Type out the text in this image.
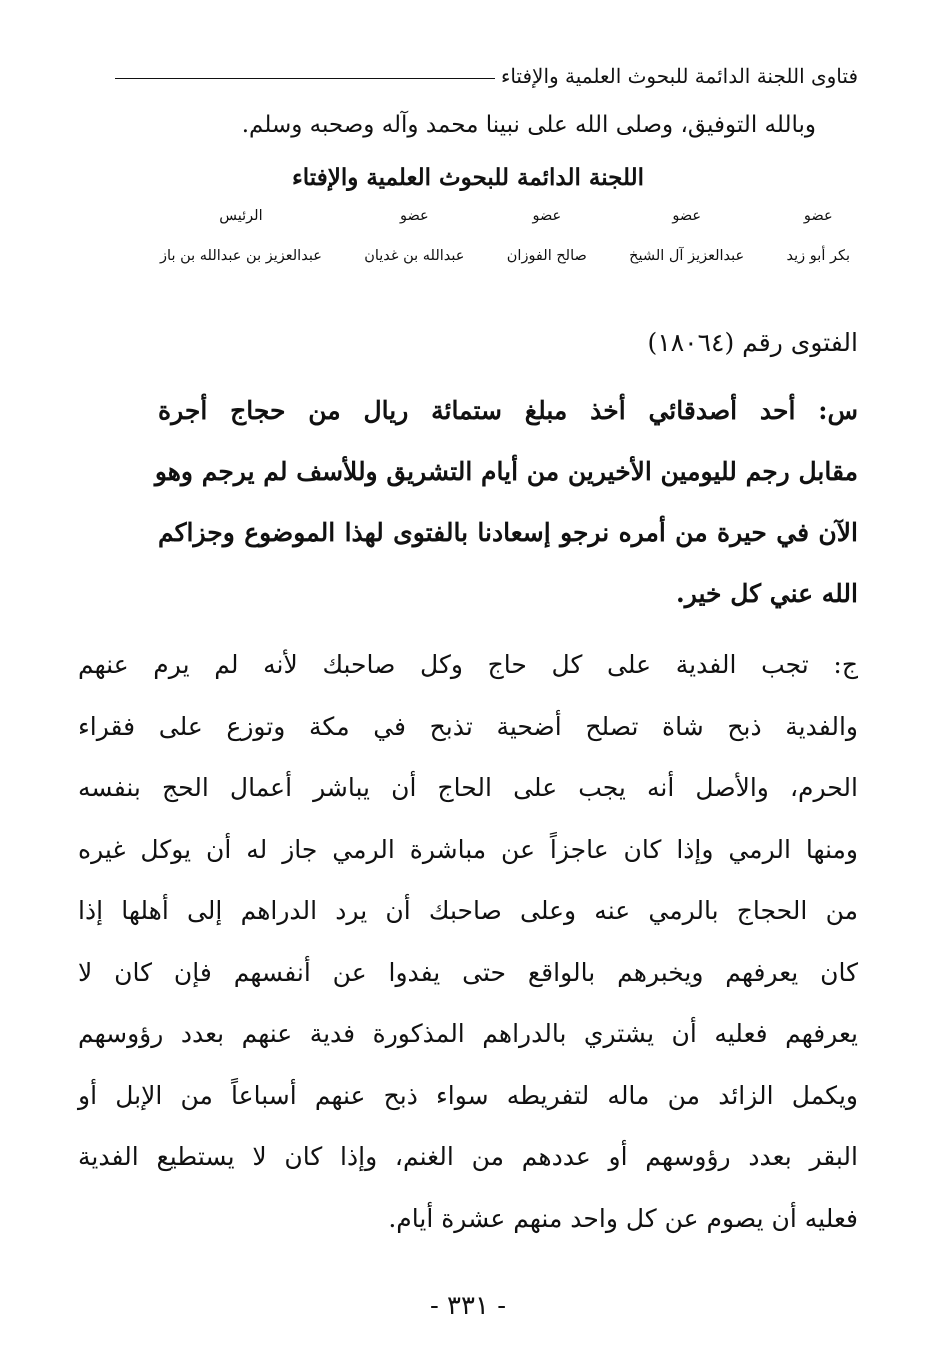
فتاوى اللجنة الدائمة للبحوث العلمية والإفتاء
وبالله التوفيق، وصلى الله على نبينا محمد وآله وصحبه وسلم.
اللجنة الدائمة للبحوث العلمية والإفتاء
عضو
بكر أبو زيد
عضو
عبدالعزيز آل الشيخ
عضو
صالح الفوزان
عضو
عبدالله بن غديان
الرئيس
عبدالعزيز بن عبدالله بن باز
الفتوى رقم (١٨٠٦٤)
س: أحد أصدقائي أخذ مبلغ ستمائة ريال من حجاج أجرة
مقابل رجم لليومين الأخيرين من أيام التشريق وللأسف لم يرجم وهو
الآن في حيرة من أمره نرجو إسعادنا بالفتوى لهذا الموضوع وجزاكم
الله عني كل خير.
ج: تجب الفدية على كل حاج وكل صاحبك لأنه لم يرم عنهم
والفدية ذبح شاة تصلح أضحية تذبح في مكة وتوزع على فقراء
الحرم، والأصل أنه يجب على الحاج أن يباشر أعمال الحج بنفسه
ومنها الرمي وإذا كان عاجزاً عن مباشرة الرمي جاز له أن يوكل غيره
من الحجاج بالرمي عنه وعلى صاحبك أن يرد الدراهم إلى أهلها إذا
كان يعرفهم ويخبرهم بالواقع حتى يفدوا عن أنفسهم فإن كان لا
يعرفهم فعليه أن يشتري بالدراهم المذكورة فدية عنهم بعدد رؤوسهم
ويكمل الزائد من ماله لتفريطه سواء ذبح عنهم أسباعاً من الإبل أو
البقر بعدد رؤوسهم أو عددهم من الغنم، وإذا كان لا يستطيع الفدية
فعليه أن يصوم عن كل واحد منهم عشرة أيام.
- ٣٣١ -
